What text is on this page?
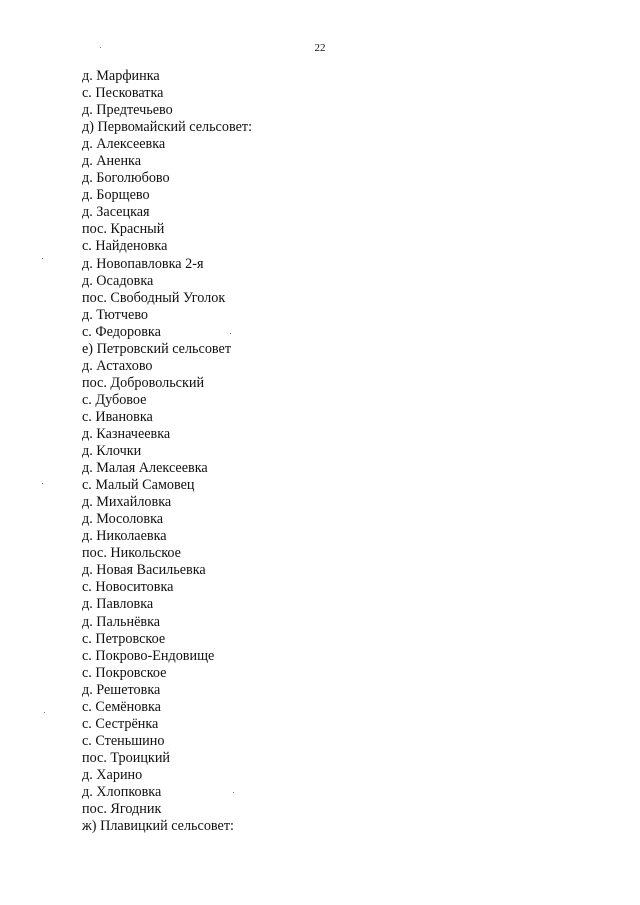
22
д. Марфинка
с. Песковатка
д. Предтечьево
д) Первомайский сельсовет:
д. Алексеевка
д. Аненка
д. Боголюбово
д. Борщево
д. Засецкая
пос. Красный
с. Найденовка
д. Новопавловка 2-я
д. Осадовка
пос. Свободный Уголок
д. Тютчево
с. Федоровка
е) Петровский сельсовет
д. Астахово
пос. Добровольский
с. Дубовое
с. Ивановка
д. Казначеевка
д. Клочки
д. Малая Алексеевка
с. Малый Самовец
д. Михайловка
д. Мосоловка
д. Николаевка
пос. Никольское
д. Новая Васильевка
с. Новоситовка
д. Павловка
д. Пальнёвка
с. Петровское
с. Покрово-Ендовище
с. Покровское
д. Решетовка
с. Семёновка
с. Сестрёнка
с. Стеньшино
пос. Троицкий
д. Харино
д. Хлопковка
пос. Ягодник
ж) Плавицкий сельсовет:
